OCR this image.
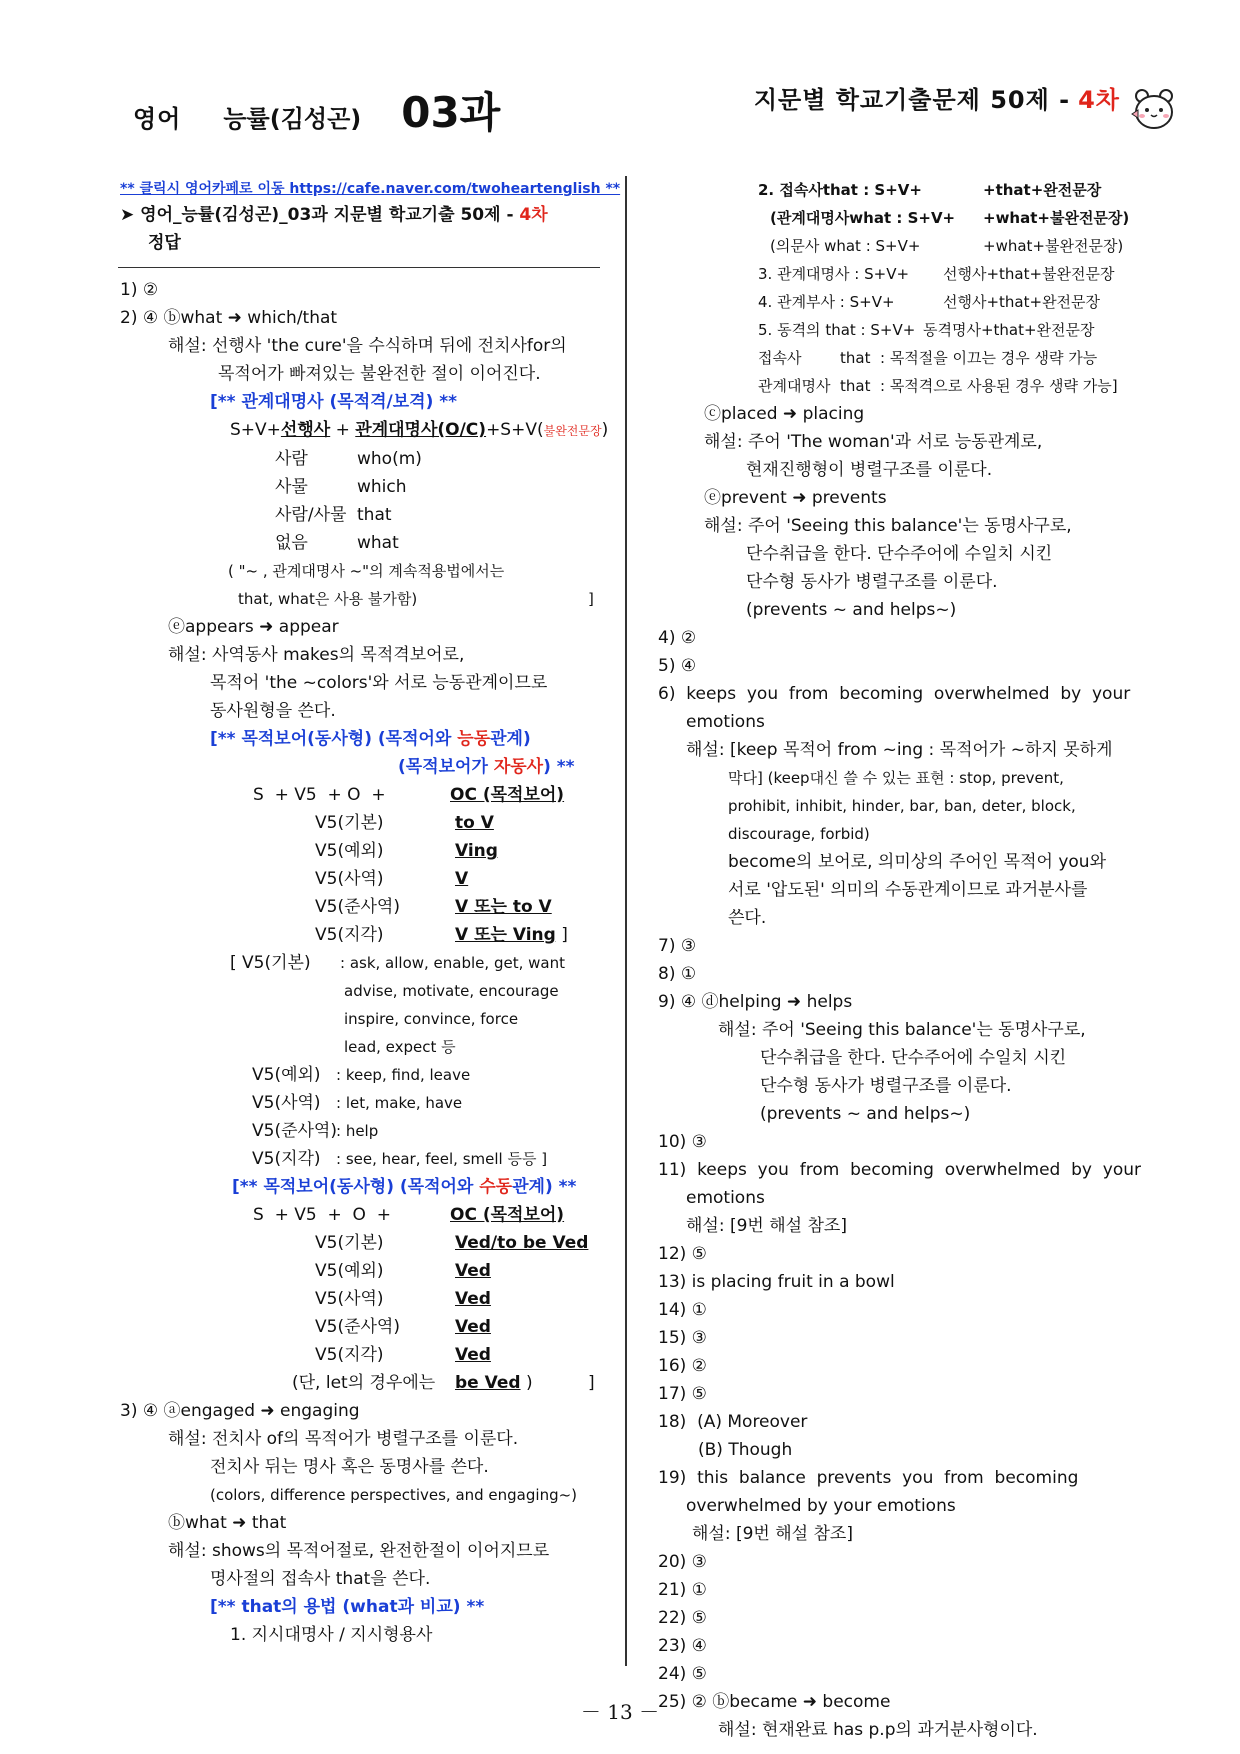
영어 능률(김성곤) 03과	지문별 학교기출문제 50제 - 4차
** 클릭시 영어카페로 이동 https://cafe.naver.com/twoheartenglish **
➤ 영어_능률(김성곤)_03과 지문별 학교기출 50제 - 4차
정답
1) ②
2) ④ ⓑwhat ➜ which/that
해설: 선행사 'the cure'을 수식하며 뒤에 전치사for의
목적어가 빠져있는 불완전한 절이 이어진다.
[** 관계대명사 (목적격/보격) **
S+V+선행사 + 관계대명사(O/C)+S+V(불완전문장)
사람	who(m)
사물	which
사람/사물 that
없음	what
( "~ , 관계대명사 ~"의 계속적용법에서는
that, what은 사용 불가함)	]
ⓔappears ➜ appear
해설: 사역동사 makes의 목적격보어로,
목적어 'the ~colors'와 서로 능동관계이므로
동사원형을 쓴다.
[** 목적보어(동사형) (목적어와 능동관계)
(목적보어가 자동사) **
S  + V5  + O  +	OC (목적보어)
V5(기본)	to V
V5(예외)	Ving
V5(사역)	V
V5(준사역)	V 또는 to V
V5(지각)	V 또는 Ving ]
[ V5(기본) : ask, allow, enable, get, want
advise, motivate, encourage
inspire, convince, force
lead, expect 등
V5(예외) : keep, find, leave
V5(사역) : let, make, have
V5(준사역): help
V5(지각) : see, hear, feel, smell 등등 ]
[** 목적보어(동사형) (목적어와 수동관계) **
S  + V5  +  O  +	OC (목적보어)
V5(기본)	Ved/to be Ved
V5(예외)	Ved
V5(사역)	Ved
V5(준사역)	Ved
V5(지각)	Ved
(단, let의 경우에는 be Ved )	]
3) ④ ⓐengaged ➜ engaging
해설: 전치사 of의 목적어가 병렬구조를 이룬다.
전치사 뒤는 명사 혹은 동명사를 쓴다.
(colors, difference perspectives, and engaging~)
ⓑwhat ➜ that
해설: shows의 목적어절로, 완전한절이 이어지므로
명사절의 접속사 that을 쓴다.
[** that의 용법 (what과 비교) **
1. 지시대명사 / 지시형용사
2. 접속사that : S+V+	+that+완전문장
(관계대명사what : S+V+ +what+불완전문장)
(의문사 what : S+V+	+what+불완전문장)
3. 관계대명사 : S+V+ 선행사+that+불완전문장
4. 관계부사 : S+V+	선행사+that+완전문장
5. 동격의 that : S+V+ 동격명사+that+완전문장
접속사	that : 목적절을 이끄는 경우 생략 가능
관계대명사 that : 목적격으로 사용된 경우 생략 가능]
ⓒplaced ➜ placing
해설: 주어 'The woman'과 서로 능동관계로,
현재진행형이 병렬구조를 이룬다.
ⓔprevent ➜ prevents
해설: 주어 'Seeing this balance'는 동명사구로,
단수취급을 한다. 단수주어에 수일치 시킨
단수형 동사가 병렬구조를 이룬다.
(prevents ~ and helps~)
4) ②
5) ④
6)  keeps  you  from  becoming  overwhelmed  by  your
emotions
해설: [keep 목적어 from ~ing : 목적어가 ~하지 못하게
막다] (keep대신 쓸 수 있는 표현 : stop, prevent,
prohibit, inhibit, hinder, bar, ban, deter, block,
discourage, forbid)
become의 보어로, 의미상의 주어인 목적어 you와
서로 '압도된' 의미의 수동관계이므로 과거분사를
쓴다.
7) ③
8) ①
9) ④ ⓓhelping ➜ helps
해설: 주어 'Seeing this balance'는 동명사구로,
단수취급을 한다. 단수주어에 수일치 시킨
단수형 동사가 병렬구조를 이룬다.
(prevents ~ and helps~)
10) ③
11)  keeps  you  from  becoming  overwhelmed  by  your
emotions
해설: [9번 해설 참조]
12) ⑤
13) is placing fruit in a bowl
14) ①
15) ③
16) ②
17) ⑤
18)  (A) Moreover
(B) Though
19)  this  balance  prevents  you  from  becoming
overwhelmed by your emotions
해설: [9번 해설 참조]
20) ③
21) ①
22) ⑤
23) ④
24) ⑤
25) ② ⓑbecame ➜ become
해설: 현재완료 has p.p의 과거분사형이다.
－ 13 －
